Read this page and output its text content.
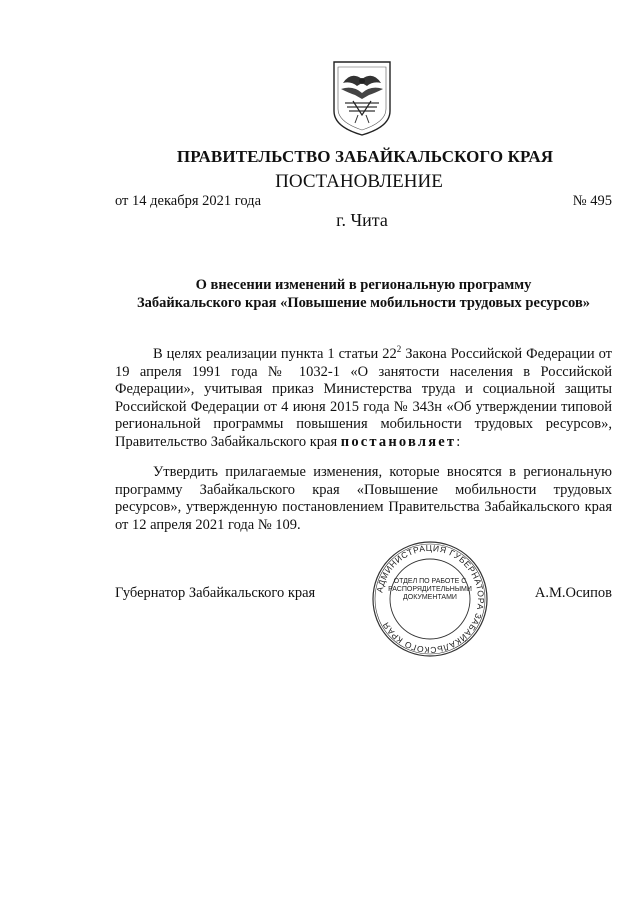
ПРАВИТЕЛЬСТВО ЗАБАЙКАЛЬСКОГО КРАЯ
ПОСТАНОВЛЕНИЕ
от 14 декабря 2021 года	№ 495
г. Чита
О внесении изменений в региональную программу
Забайкальского края «Повышение мобильности трудовых ресурсов»
В целях реализации пункта 1 статьи $22^2$ Закона Российской Федерации от 19 апреля 1991 года № 1032-1 «О занятости населения в Российской Федерации», учитывая приказ Министерства труда и социальной защиты Российской Федерации от 4 июня 2015 года № 343н «Об утверждении типовой региональной программы повышения мобильности трудовых ресурсов», Правительство Забайкальского края постановляет:
Утвердить прилагаемые изменения, которые вносятся в региональную программу Забайкальского края «Повышение мобильности трудовых ресурсов», утвержденную постановлением Правительства Забайкальского края от 12 апреля 2021 года № 109.
Губернатор Забайкальского края	А.М.Осипов
АДМИНИСТРАЦИЯ ГУБЕРНАТОРА ЗАБАЙКАЛЬСКОГО КРАЯ
ОТДЕЛ ПО РАБОТЕ С РАСПОРЯДИТЕЛЬНЫМИ ДОКУМЕНТАМИ
